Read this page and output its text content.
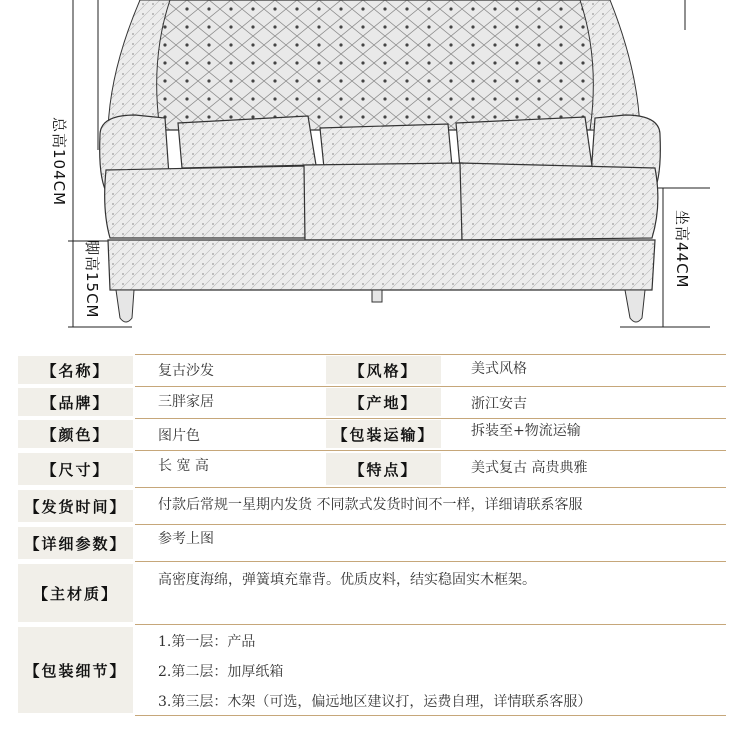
总高104CM
脚高15CM	坐高44CM
【名称】	复古沙发	【风格】	美式风格
【品牌】	三胖家居	【产地】	浙江安吉
【颜色】	图片色	【包装运输】	拆装至+物流运输
【尺寸】	长 宽 高	【特点】	美式复古 高贵典雅
【发货时间】	付款后常规一星期内发货 不同款式发货时间不一样，详细请联系客服
【详细参数】	参考上图
【主材质】
高密度海绵，弹簧填充靠背。优质皮料，结实稳固实木框架。
【包装细节】
1.第一层：产品
2.第二层：加厚纸箱
3.第三层：木架（可选，偏远地区建议打，运费自理，详情联系客服）
